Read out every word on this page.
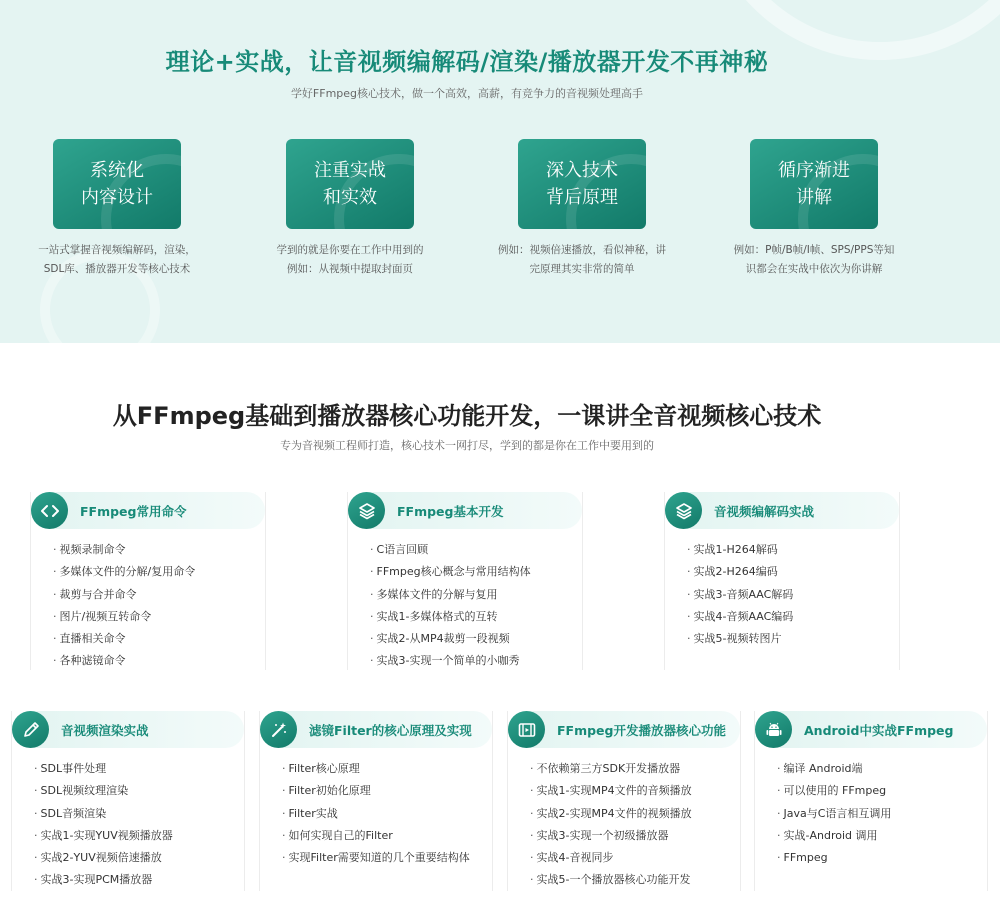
理论+实战，让音视频编解码/渲染/播放器开发不再神秘
学好FFmpeg核心技术，做一个高效，高薪，有竞争力的音视频处理高手
系统化
内容设计
一站式掌握音视频编解码，渲染，
SDL库、播放器开发等核心技术
注重实战
和实效
学到的就是你要在工作中用到的
例如：从视频中提取封面页
深入技术
背后原理
例如：视频倍速播放，看似神秘，讲
完原理其实非常的简单
循序渐进
讲解
例如：P帧/B帧/I帧、SPS/PPS等知
识都会在实战中依次为你讲解
从FFmpeg基础到播放器核心功能开发，一课讲全音视频核心技术
专为音视频工程师打造，核心技术一网打尽，学到的都是你在工作中要用到的
FFmpeg常用命令
· 视频录制命令
· 多媒体文件的分解/复用命令
· 裁剪与合并命令
· 图片/视频互转命令
· 直播相关命令
· 各种滤镜命令
FFmpeg基本开发
· C语言回顾
· FFmpeg核心概念与常用结构体
· 多媒体文件的分解与复用
· 实战1-多媒体格式的互转
· 实战2-从MP4裁剪一段视频
· 实战3-实现一个简单的小咖秀
音视频编解码实战
· 实战1-H264解码
· 实战2-H264编码
· 实战3-音频AAC解码
· 实战4-音频AAC编码
· 实战5-视频转图片
音视频渲染实战
· SDL事件处理
· SDL视频纹理渲染
· SDL音频渲染
· 实战1-实现YUV视频播放器
· 实战2-YUV视频倍速播放
· 实战3-实现PCM播放器
滤镜Filter的核心原理及实现
· Filter核心原理
· Filter初始化原理
· Filter实战
· 如何实现自己的Filter
· 实现Filter需要知道的几个重要结构体
FFmpeg开发播放器核心功能
· 不依赖第三方SDK开发播放器
· 实战1-实现MP4文件的音频播放
· 实战2-实现MP4文件的视频播放
· 实战3-实现一个初级播放器
· 实战4-音视同步
· 实战5-一个播放器核心功能开发
Android中实战FFmpeg
· 编译 Android端
· 可以使用的 FFmpeg
· Java与C语言相互调用
· 实战-Android 调用
· FFmpeg
